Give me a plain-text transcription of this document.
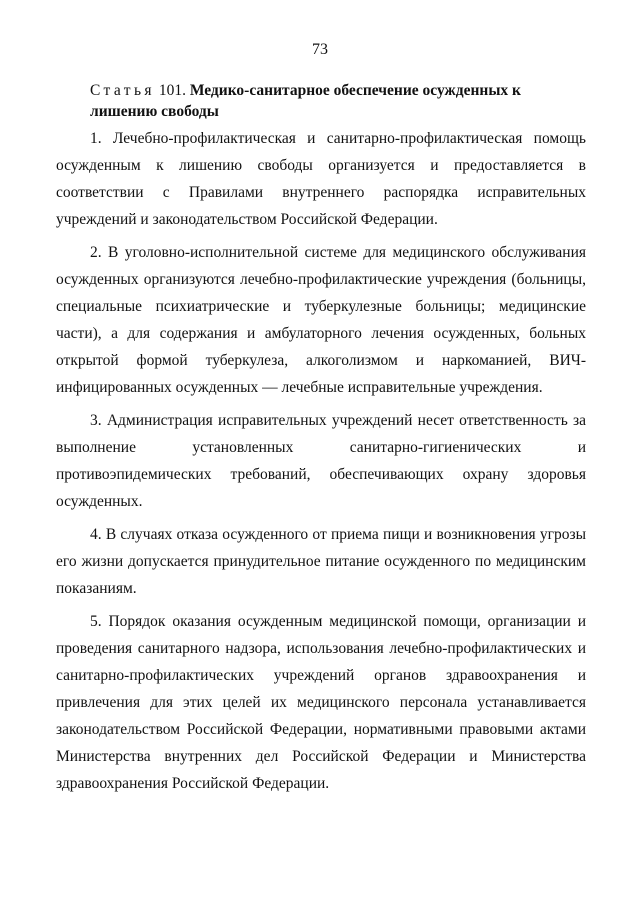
73
Статья 101. Медико-санитарное обеспечение осужденных к лишению свободы

1. Лечебно-профилактическая и санитарно-профилактическая помощь осужденным к лишению свободы организуется и предоставляется в соответствии с Правилами внутреннего распорядка исправительных учреждений и законодательством Российской Федерации.

2. В уголовно-исполнительной системе для медицинского обслуживания осужденных организуются лечебно-профилактические учреждения (больницы, специальные психиатрические и туберкулезные больницы; медицинские части), а для содержания и амбулаторного лечения осужденных, больных открытой формой туберкулеза, алкоголизмом и наркоманией, ВИЧ-инфицированных осужденных — лечебные исправительные учреждения.

3. Администрация исправительных учреждений несет ответственность за выполнение установленных санитарно-гигиенических и противоэпидемических требований, обеспечивающих охрану здоровья осужденных.

4. В случаях отказа осужденного от приема пищи и возникновения угрозы его жизни допускается принудительное питание осужденного по медицинским показаниям.

5. Порядок оказания осужденным медицинской помощи, организации и проведения санитарного надзора, использования лечебно-профилактических и санитарно-профилактических учреждений органов здравоохранения и привлечения для этих целей их медицинского персонала устанавливается законодательством Российской Федерации, нормативными правовыми актами Министерства внутренних дел Российской Федерации и Министерства здравоохранения Российской Федерации.
